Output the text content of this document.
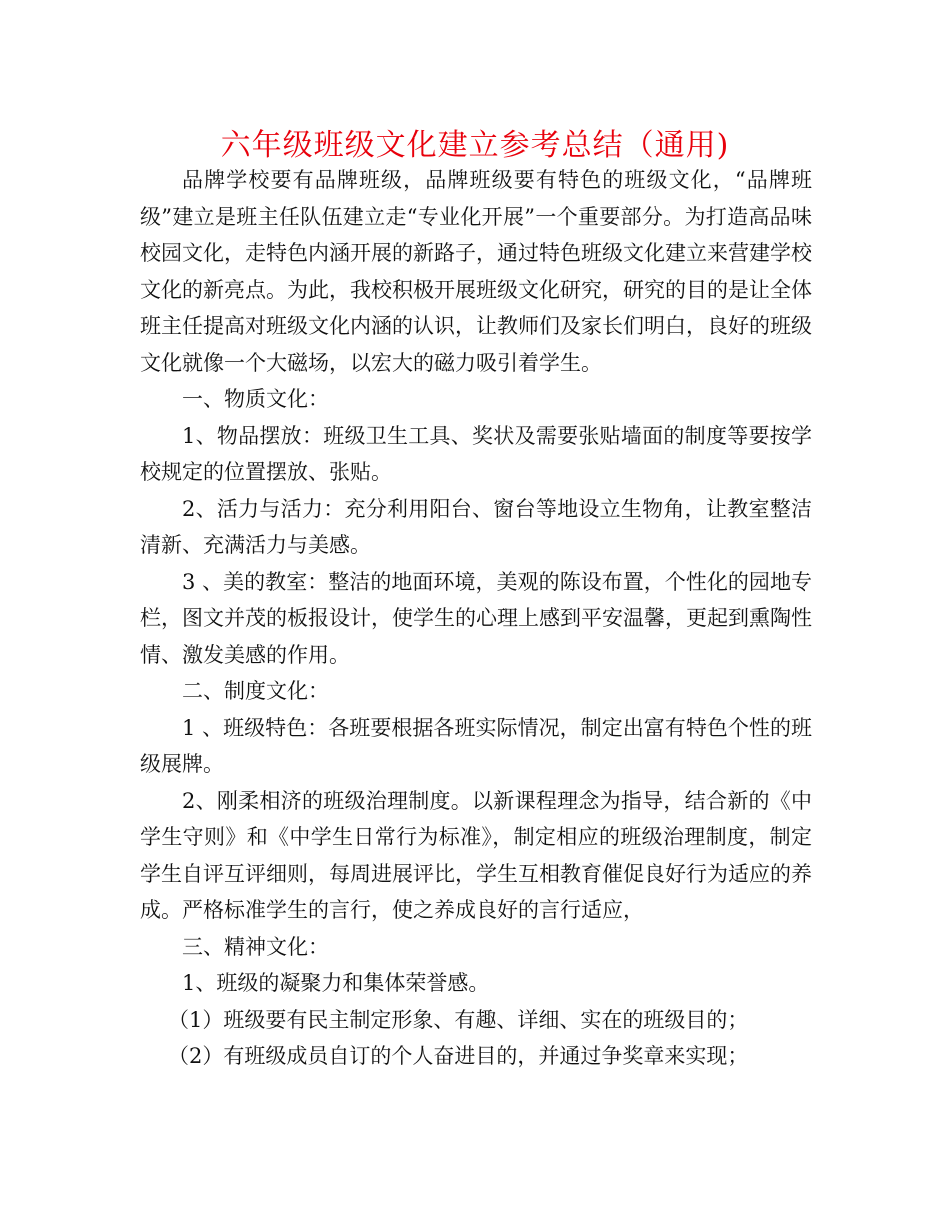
六年级班级文化建立参考总结（通用)

品牌学校要有品牌班级，品牌班级要有特色的班级文化，“品牌班级”建立是班主任队伍建立走“专业化开展”一个重要部分。为打造高品味校园文化，走特色内涵开展的新路子，通过特色班级文化建立来营建学校文化的新亮点。为此，我校积极开展班级文化研究，研究的目的是让全体班主任提高对班级文化内涵的认识，让教师们及家长们明白，良好的班级文化就像一个大磁场，以宏大的磁力吸引着学生。

一、物质文化：

1、物品摆放：班级卫生工具、奖状及需要张贴墙面的制度等要按学校规定的位置摆放、张贴。

2、活力与活力：充分利用阳台、窗台等地设立生物角，让教室整洁清新、充满活力与美感。

3 、美的教室：整洁的地面环境，美观的陈设布置，个性化的园地专栏，图文并茂的板报设计，使学生的心理上感到平安温馨，更起到熏陶性情、激发美感的作用。

二、制度文化：

1 、班级特色：各班要根据各班实际情况，制定出富有特色个性的班级展牌。

2、刚柔相济的班级治理制度。以新课程理念为指导，结合新的《中学生守则》和《中学生日常行为标准》，制定相应的班级治理制度，制定学生自评互评细则，每周进展评比，学生互相教育催促良好行为适应的养成。严格标准学生的言行，使之养成良好的言行适应，

三、精神文化：

1、班级的凝聚力和集体荣誉感。

（1）班级要有民主制定形象、有趣、详细、实在的班级目的；

（2）有班级成员自订的个人奋进目的，并通过争奖章来实现；
